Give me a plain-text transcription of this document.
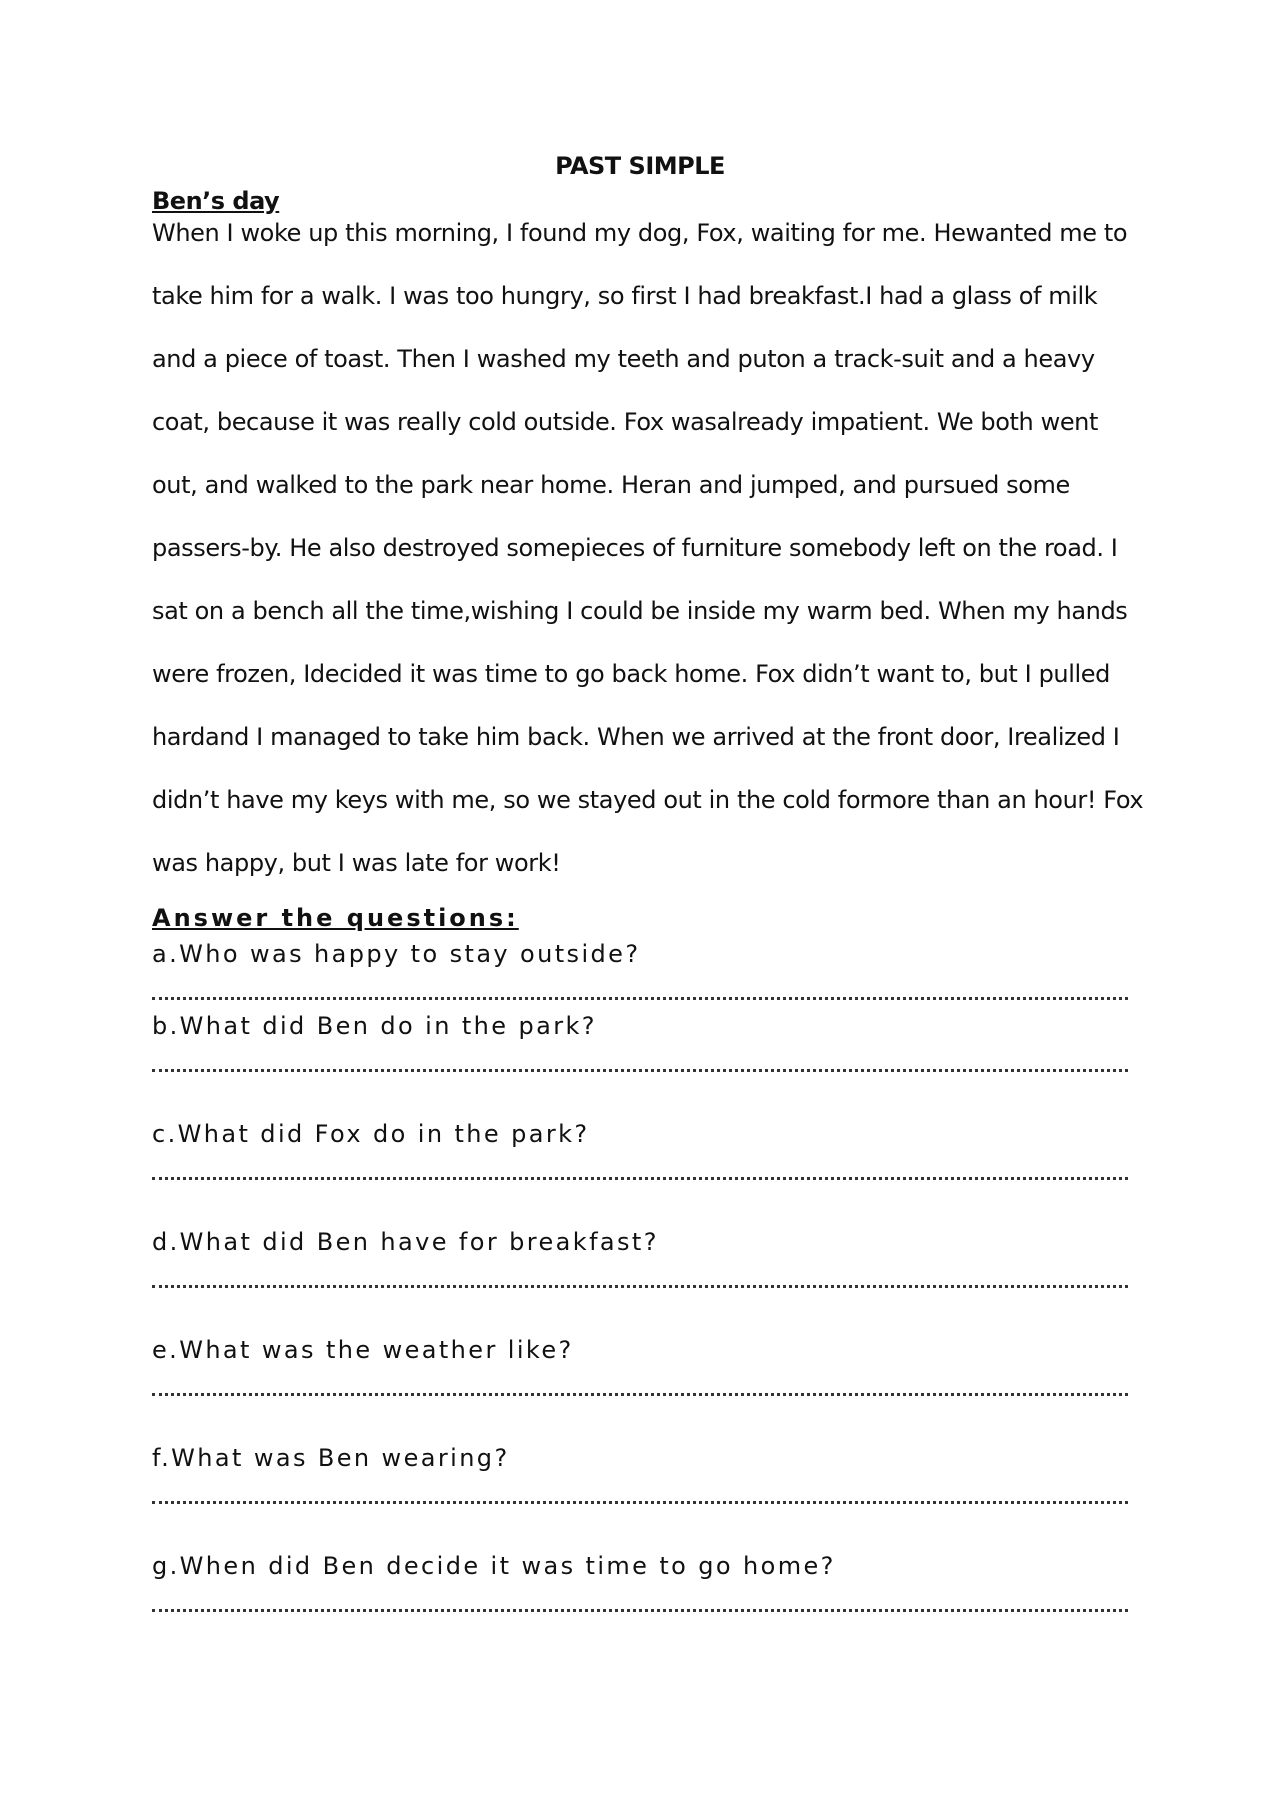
PAST SIMPLE
Ben’s day
When I woke up this morning, I found my dog, Fox, waiting for me. Hewanted me to
take him for a walk. I was too hungry, so first I had breakfast.I had a glass of milk
and a piece of toast. Then I washed my teeth and puton a track-suit and a heavy
coat, because it was really cold outside. Fox wasalready impatient. We both went
out, and walked to the park near home. Heran and jumped, and pursued some
passers-by. He also destroyed somepieces of furniture somebody left on the road. I
sat on a bench all the time,wishing I could be inside my warm bed. When my hands
were frozen, Idecided it was time to go back home. Fox didn’t want to, but I pulled
hardand I managed to take him back. When we arrived at the front door, Irealized I
didn’t have my keys with me, so we stayed out in the cold formore than an hour! Fox
was happy, but I was late for work!
Answer the questions:
a.Who was happy to stay outside?
b.What did Ben do in the park?
c.What did Fox do in the park?
d.What did Ben have for breakfast?
e.What was the weather like?
f.What was Ben wearing?
g.When did Ben decide it was time to go home?
